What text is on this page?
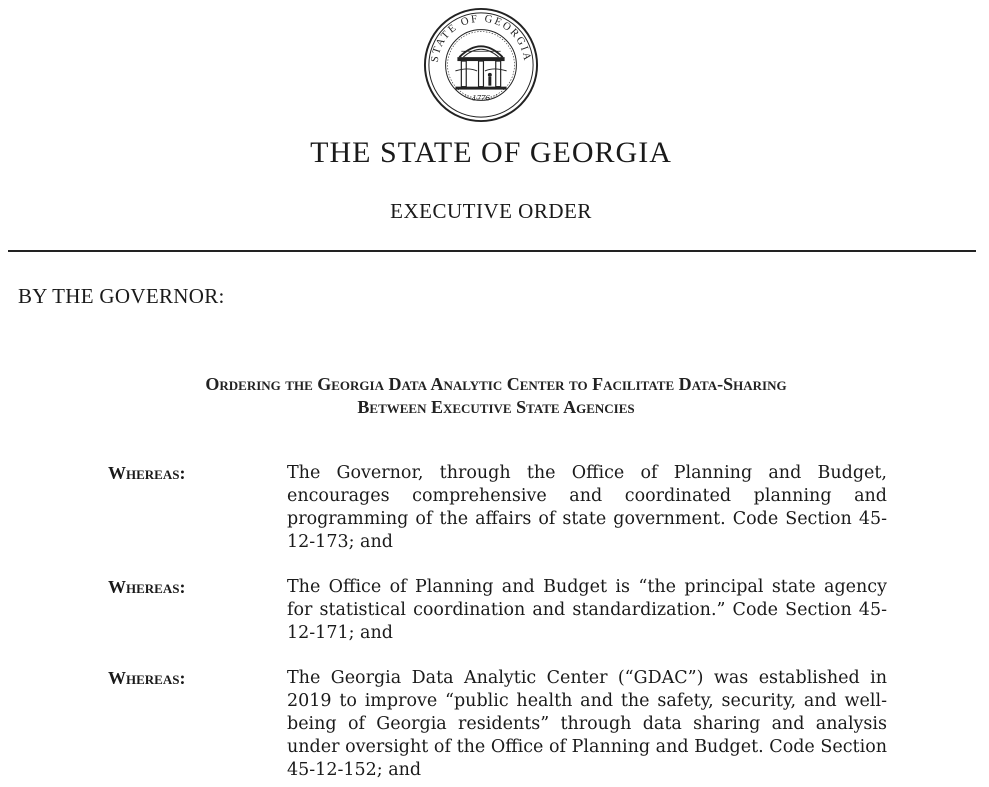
STATE OF GEORGIA
1776
THE STATE OF GEORGIA
EXECUTIVE ORDER
BY THE GOVERNOR:
Ordering the Georgia Data Analytic Center to Facilitate Data-Sharing
Between Executive State Agencies
Whereas:	The Governor, through the Office of Planning and Budget, encourages comprehensive and coordinated planning and programming of the affairs of state government. Code Section 45-12-173; and
Whereas:	The Office of Planning and Budget is “the principal state agency for statistical coordination and standardization.” Code Section 45-12-171; and
Whereas:	The Georgia Data Analytic Center (“GDAC”) was established in 2019 to improve “public health and the safety, security, and well-being of Georgia residents” through data sharing and analysis under oversight of the Office of Planning and Budget. Code Section 45-12-152; and
